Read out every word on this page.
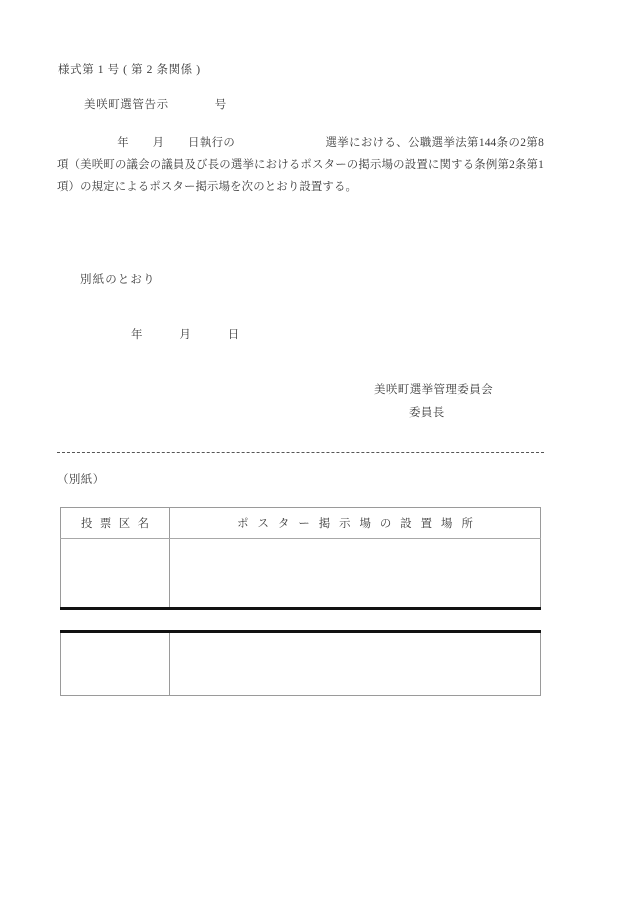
様式第 1 号 ( 第 2 条関係 )
美咲町選管告示	号
年　　月　　日執行の	選挙における、公職選挙法第144条の2第8項（美咲町の議会の議員及び長の選挙におけるポスターの掲示場の設置に関する条例第2条第1項）の規定によるポスター掲示場を次のとおり設置する。
別紙のとおり
年　　　月　　　日
美咲町選挙管理委員会
委員長
（別紙）
投票区名	ポスター掲示場の設置場所
